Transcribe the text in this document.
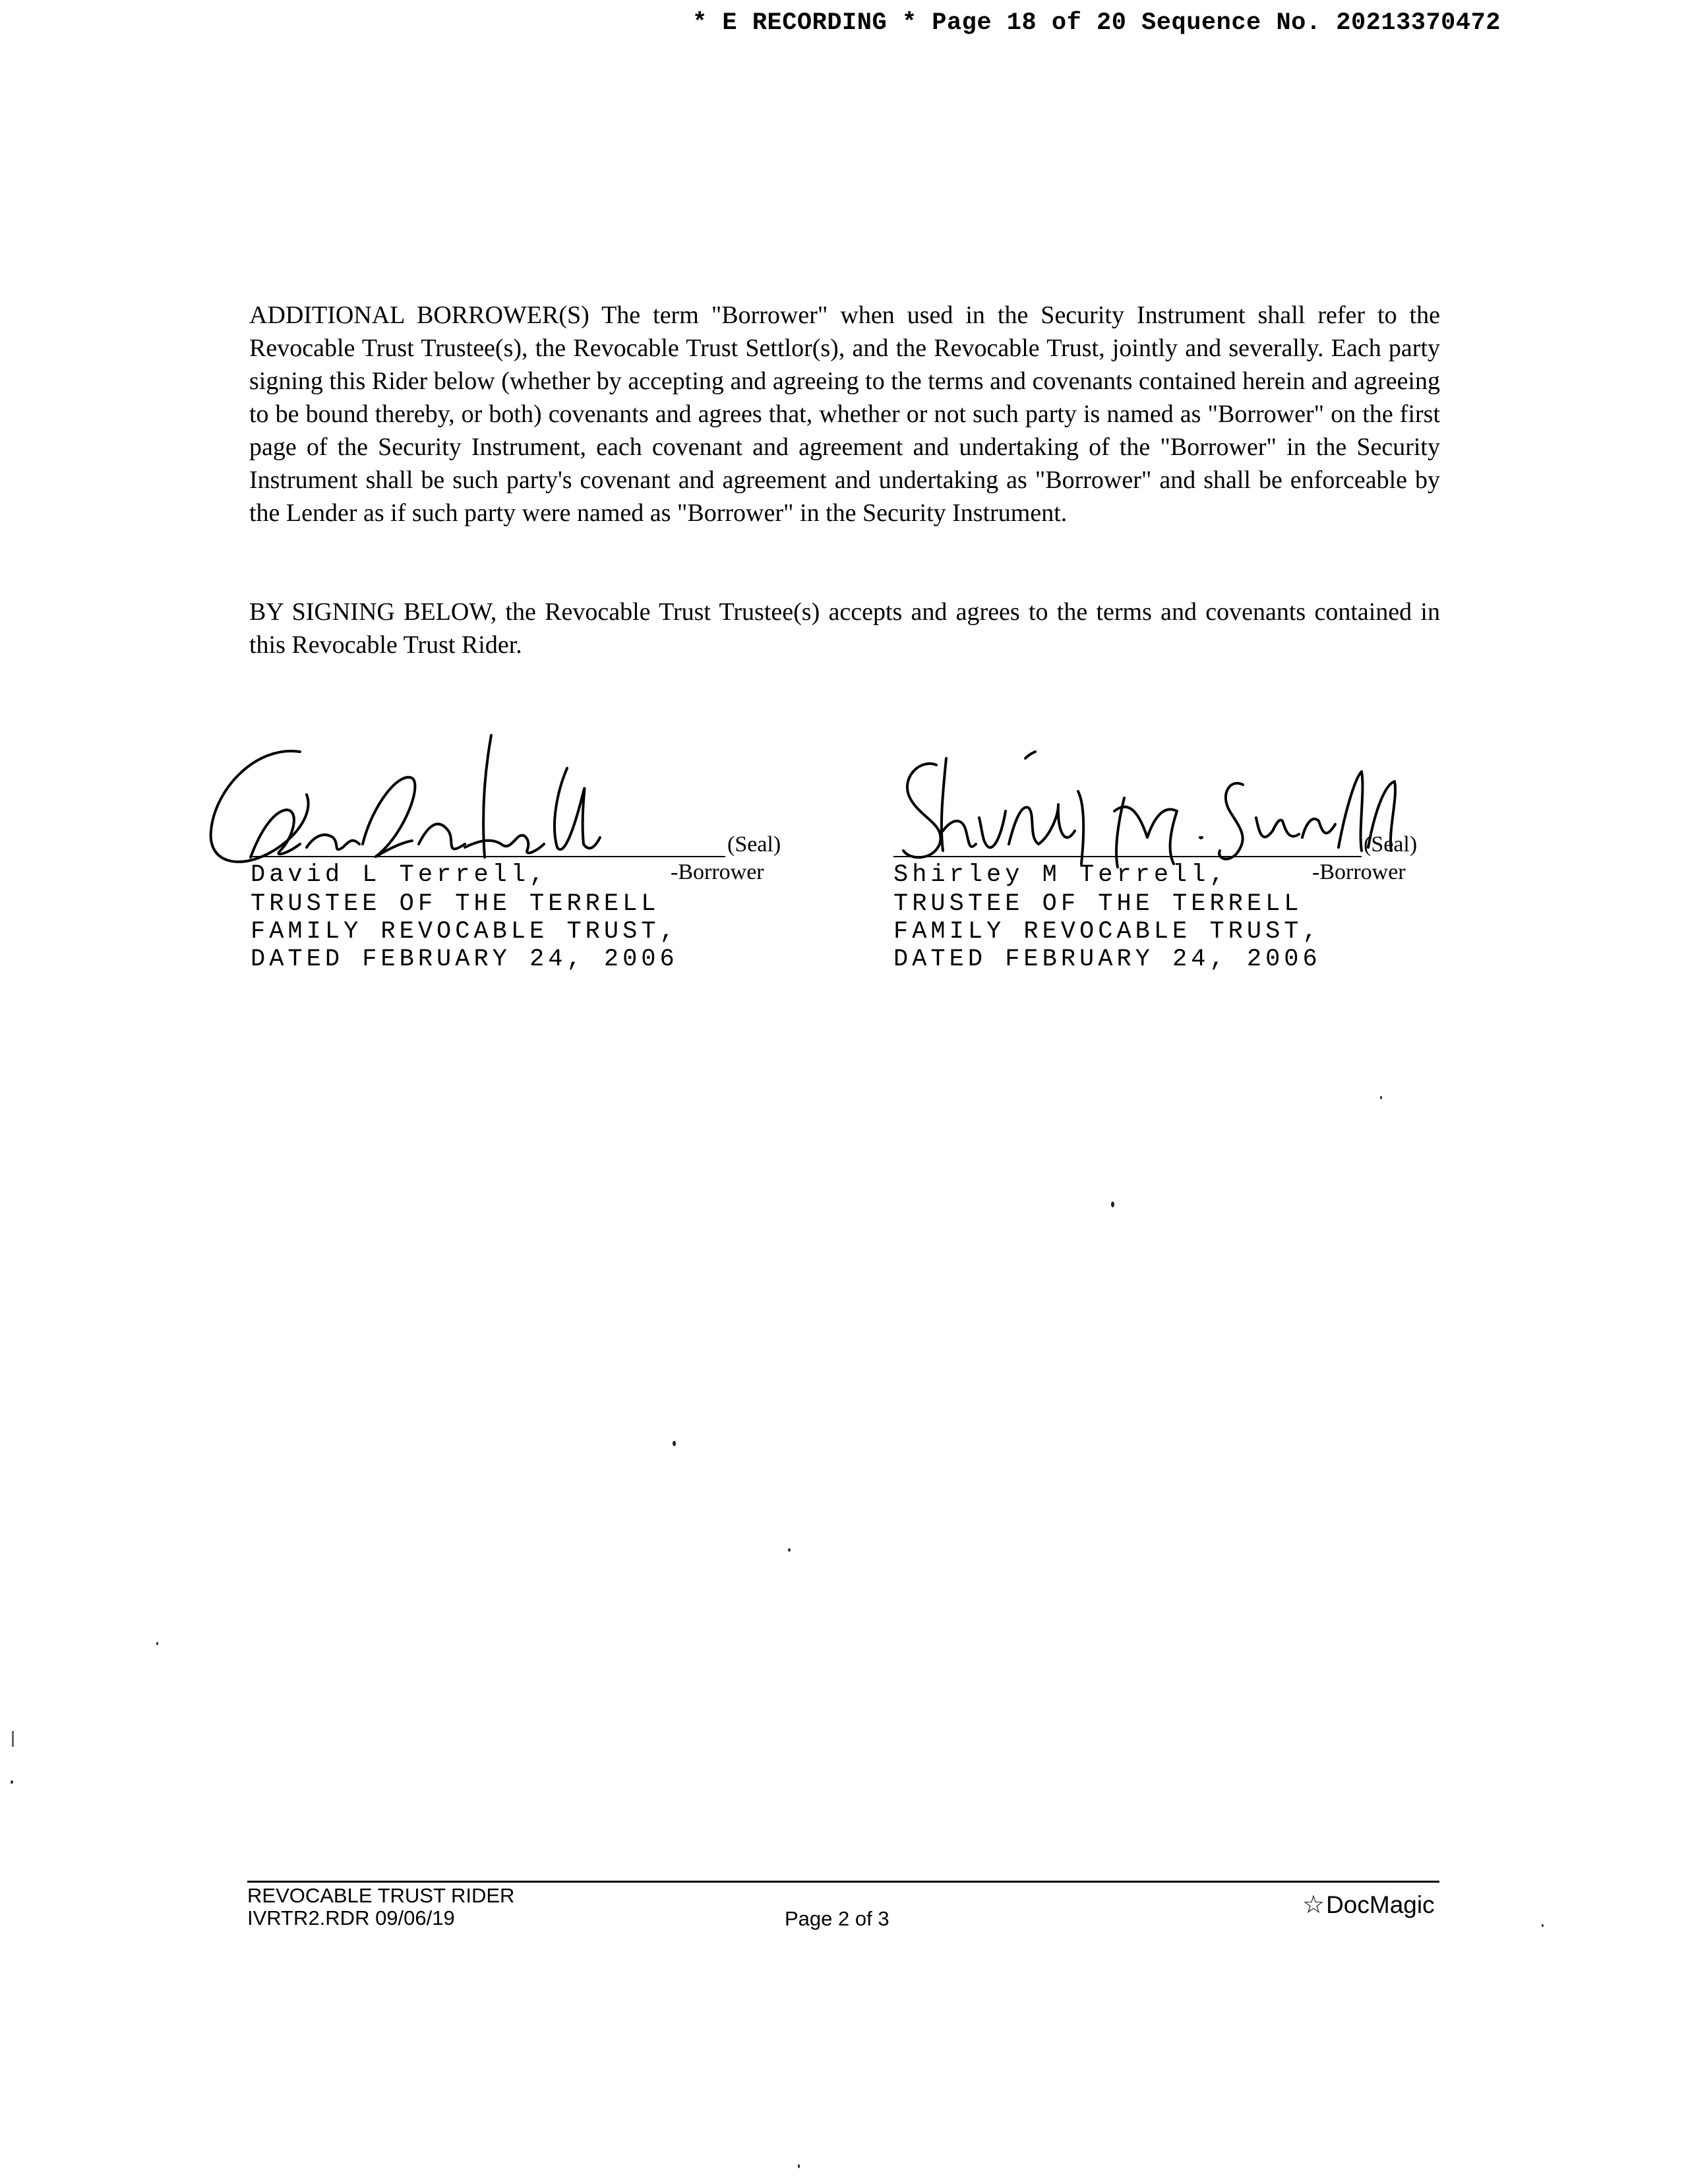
* E RECORDING * Page 18 of 20 Sequence No. 20213370472

ADDITIONAL BORROWER(S) The term "Borrower" when used in the Security Instrument shall refer to the Revocable Trust Trustee(s), the Revocable Trust Settlor(s), and the Revocable Trust, jointly and severally. Each party signing this Rider below (whether by accepting and agreeing to the terms and covenants contained herein and agreeing to be bound thereby, or both) covenants and agrees that, whether or not such party is named as "Borrower" on the first page of the Security Instrument, each covenant and agreement and undertaking of the "Borrower" in the Security Instrument shall be such party's covenant and agreement and undertaking as "Borrower" and shall be enforceable by the Lender as if such party were named as "Borrower" in the Security Instrument.

BY SIGNING BELOW, the Revocable Trust Trustee(s) accepts and agrees to the terms and covenants contained in this Revocable Trust Rider.

(Seal)
David L Terrell,	-Borrower
TRUSTEE OF THE TERRELL
FAMILY REVOCABLE TRUST,
DATED FEBRUARY 24, 2006
(Seal)
Shirley M Terrell,	-Borrower
TRUSTEE OF THE TERRELL
FAMILY REVOCABLE TRUST,
DATED FEBRUARY 24, 2006
REVOCABLE TRUST RIDER
IVRTR2.RDR 09/06/19	Page 2 of 3	☆ DocMagic
